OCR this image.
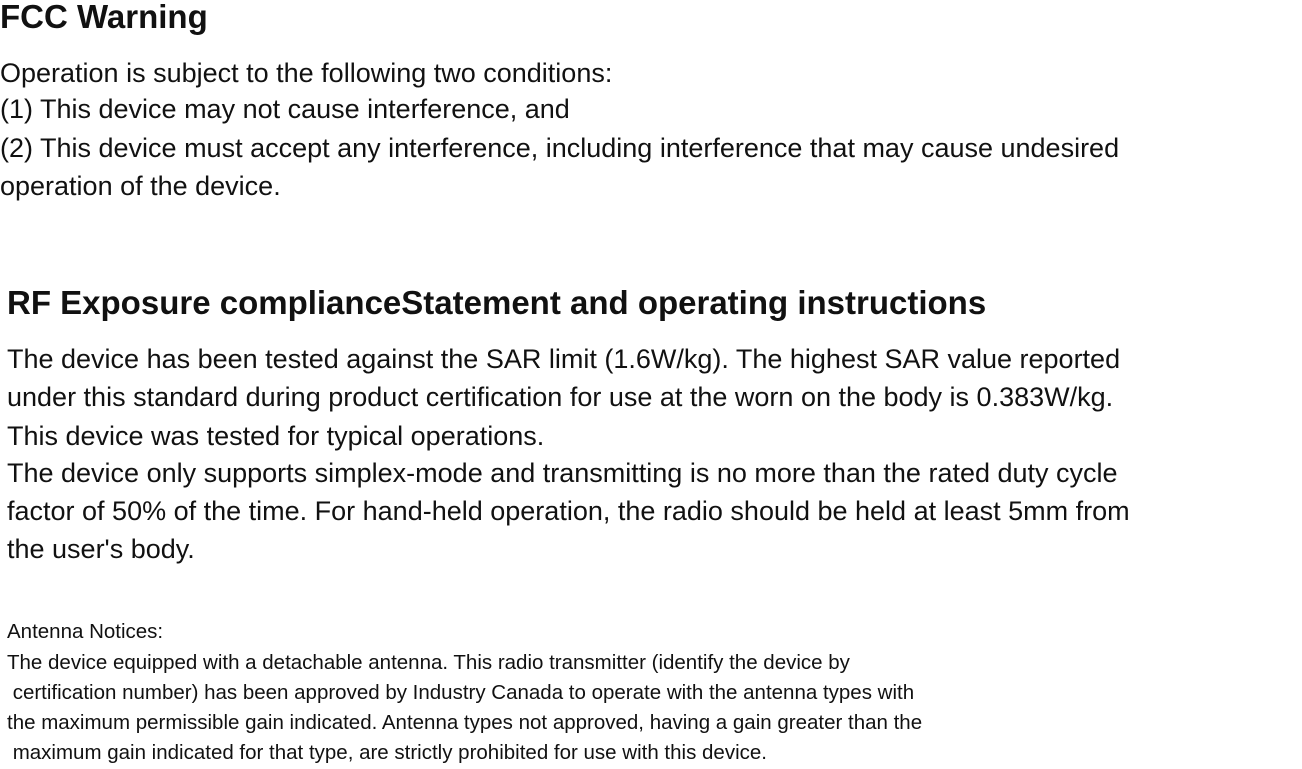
FCC Warning

Operation is subject to the following two conditions:

(1) This device may not cause interference, and

(2) This device must accept any interference, including interference that may cause undesired

operation of the device.

RF Exposure complianceStatement and operating instructions

The device has been tested against the SAR limit (1.6W/kg). The highest SAR value reported

under this standard during product certification for use at the worn on the body is 0.383W/kg.

This device was tested for typical operations.

The device only supports simplex-mode and transmitting is no more than the rated duty cycle

factor of 50% of the time. For hand-held operation, the radio should be held at least 5mm from

the user's body.

Antenna Notices:

The device equipped with a detachable antenna. This radio transmitter (identify the device by

certification number) has been approved by Industry Canada to operate with the antenna types with

the maximum permissible gain indicated. Antenna types not approved, having a gain greater than the

maximum gain indicated for that type, are strictly prohibited for use with this device.
